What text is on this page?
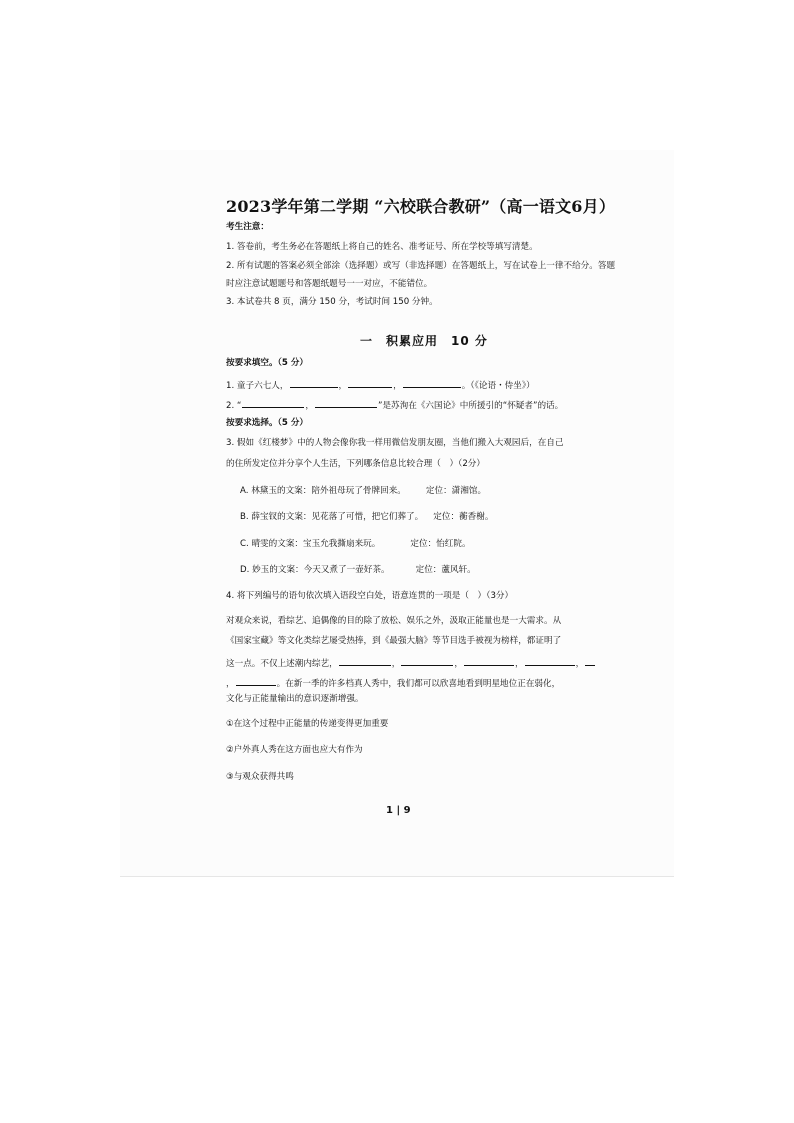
2023学年第二学期 “六校联合教研”（高一语文6月）
考生注意：
1. 答卷前，考生务必在答题纸上将自己的姓名、准考证号、所在学校等填写清楚。
2. 所有试题的答案必须全部涂（选择题）或写（非选择题）在答题纸上，写在试卷上一律不给分。答题
时应注意试题题号和答题纸题号一一对应，不能错位。
3. 本试卷共 8 页，满分 150 分，考试时间 150 分钟。
一　积累应用　10 分
按要求填空。（5 分）
1. 童子六七人，	，	，	。（《论语・侍坐》）
2. “	，	”是苏洵在《六国论》中所援引的“怀疑者”的话。
按要求选择。（5 分）
3. 假如《红楼梦》中的人物会像你我一样用微信发朋友圈，当他们搬入大观园后，在自己
的住所发定位并分享个人生活，下列哪条信息比较合理（　）（2分）
A. 林黛玉的文案：陪外祖母玩了骨牌回来。 定位：潇湘馆。
B. 薛宝钗的文案：见花落了可惜，把它们葬了。 定位：蘅香榭。
C. 晴雯的文案：宝玉允我撕扇来玩。	定位：怡红院。
D. 妙玉的文案：今天又煮了一壶好茶。	定位：蘆风轩。
4. 将下列编号的语句依次填入语段空白处，语意连贯的一项是（　）（3分）
对观众来说，看综艺、追偶像的目的除了放松、娱乐之外，汲取正能量也是一大需求。从
《国家宝藏》等文化类综艺屡受热捧，到《最强大脑》等节目选手被视为榜样，都证明了
这一点。不仅上述潮内综艺，	，	，	，	，
，	。在新一季的许多档真人秀中，我们都可以欣喜地看到明星地位正在弱化，
文化与正能量输出的意识逐渐增强。
①在这个过程中正能量的传递变得更加重要
②户外真人秀在这方面也应大有作为
③与观众获得共鸣
1 | 9
